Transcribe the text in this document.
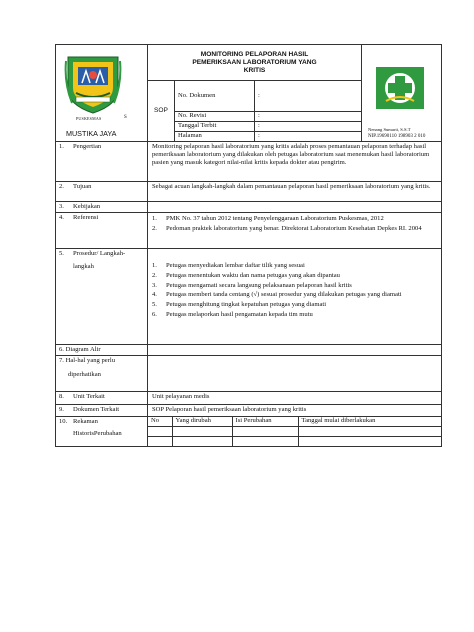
PUSKESMAS	S
MUSTIKA JAYA

MONITORING PELAPORAN HASIL
PEMERIKSAAN LABORATORIUM YANG
KRITIS

Nenang Sumarti, S.S.T
NIP.19690110 198903 2 010

SOP	No. Dokumen	:
No. Revisi	:
Tanggal Terbit	:
Halaman	:
1. Pengertian	Monitoring pelaporan hasil laboratorium yang kritis adalah proses pemantauan pelaporan terhadap hasil pemeriksaan laboratorium yang dilakukan oleh petugas laboratorium saat menemukan hasil laboratorium pasien yang masuk kategori nilai-nilai kritis kepada dokter atau pengirim.
2. Tujuan	Sebagai acuan langkah-langkah dalam pemantauan pelaporan hasil pemeriksaan laboratorium yang kritis.
3. Kebijakan	
4. Referensi	1. PMK No. 37 tahun 2012 tentang Penyelenggaraan Laboratorium Puskesmas, 2012
2. Pedoman praktek laboratorium yang benar. Direktorat Laboratorium Kesehatan Depkes RI. 2004

5. Prosedur/ Langkah-
langkah	1. Petugas menyediakan lembar daftar tilik yang sesuai
2. Petugas menentukan waktu dan nama petugas yang akan dipantau
3. Petugas mengamati secara langsung pelaksanaan pelaporan hasil kritis
4. Petugas memberi tanda centang (√) sesuai prosedur yang dilakukan petugas yang diamati
5. Petugas menghitung tingkat kepatuhan petugas yang diamati
6. Petugas melaporkan hasil pengamatan kepada tim mutu

6. Diagram Alir	

7. Hal-hal yang perlu
diperhatikan

8. Unit Terkait	Unit pelayanan medis
9. Dokumen Terkait	SOP Pelaporan hasil pemeriksaan laboratorium yang kritis

10. Rekaman
HistorisPerubahan

No	Yang dirubah	Isi Perubahan	Tanggal mulai diberlakukan
